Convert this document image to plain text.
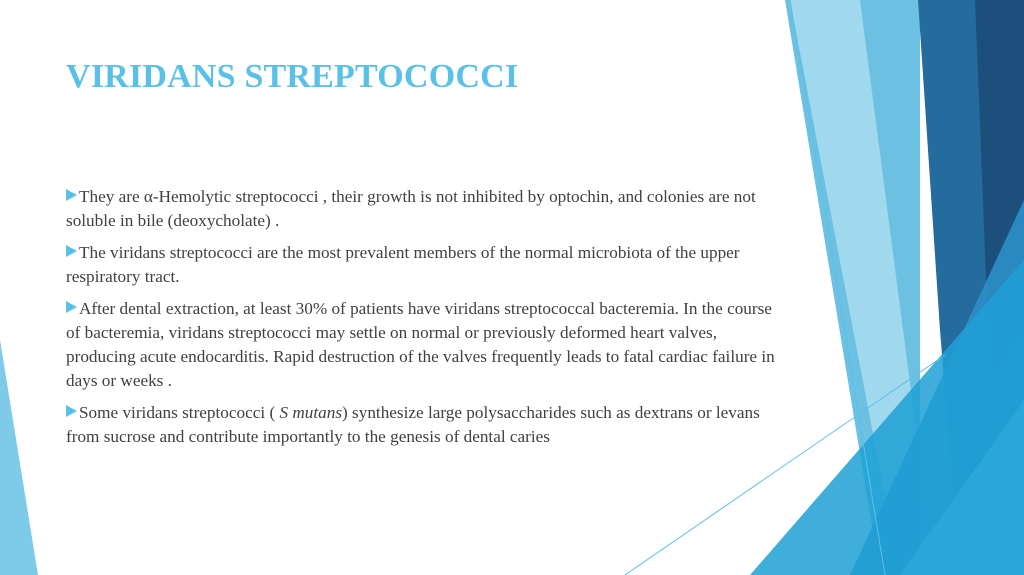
VIRIDANS STREPTOCOCCI

They are α-Hemolytic streptococci , their growth is not inhibited by optochin, and colonies are not soluble in bile (deoxycholate) .

The viridans streptococci are the most prevalent members of the normal microbiota of the upper respiratory tract.

After dental extraction, at least 30% of patients have viridans streptococcal bacteremia. In the course of bacteremia, viridans streptococci may settle on normal or previously deformed heart valves, producing acute endocarditis. Rapid destruction of the valves frequently leads to fatal cardiac failure in days or weeks .

Some viridans streptococci ( S mutans) synthesize large polysaccharides such as dextrans or levans from sucrose and contribute importantly to the genesis of dental caries
